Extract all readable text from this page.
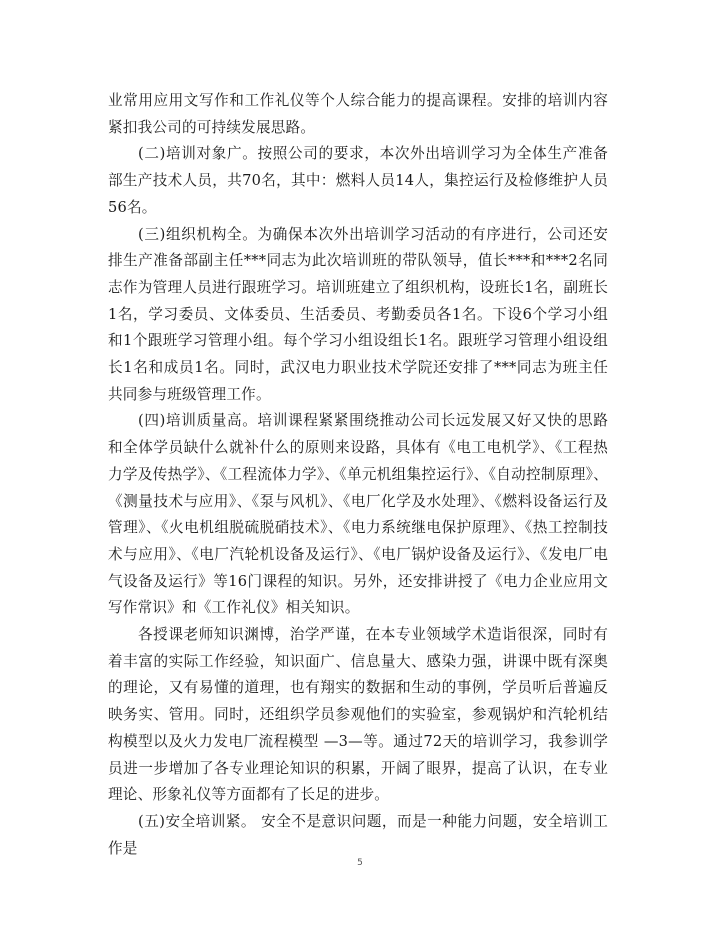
业常用应用文写作和工作礼仪等个人综合能力的提高课程。安排的培训内容紧扣我公司的可持续发展思路。

(二)培训对象广。按照公司的要求，本次外出培训学习为全体生产准备部生产技术人员，共70名，其中：燃料人员14人，集控运行及检修维护人员56名。

(三)组织机构全。为确保本次外出培训学习活动的有序进行，公司还安排生产准备部副主任***同志为此次培训班的带队领导，值长***和***2名同志作为管理人员进行跟班学习。培训班建立了组织机构，设班长1名，副班长1名，学习委员、文体委员、生活委员、考勤委员各1名。下设6个学习小组和1个跟班学习管理小组。每个学习小组设组长1名。跟班学习管理小组设组长1名和成员1名。同时，武汉电力职业技术学院还安排了***同志为班主任共同参与班级管理工作。

(四)培训质量高。培训课程紧紧围绕推动公司长远发展又好又快的思路和全体学员缺什么就补什么的原则来设路，具体有《电工电机学》、《工程热力学及传热学》、《工程流体力学》、《单元机组集控运行》、《自动控制原理》、《测量技术与应用》、《泵与风机》、《电厂化学及水处理》、《燃料设备运行及管理》、《火电机组脱硫脱硝技术》、《电力系统继电保护原理》、《热工控制技术与应用》、《电厂汽轮机设备及运行》、《电厂锅炉设备及运行》、《发电厂电气设备及运行》等16门课程的知识。另外，还安排讲授了《电力企业应用文写作常识》和《工作礼仪》相关知识。

各授课老师知识渊博，治学严谨，在本专业领域学术造诣很深，同时有着丰富的实际工作经验，知识面广、信息量大、感染力强，讲课中既有深奥的理论，又有易懂的道理，也有翔实的数据和生动的事例，学员听后普遍反映务实、管用。同时，还组织学员参观他们的实验室，参观锅炉和汽轮机结构模型以及火力发电厂流程模型 —3—等。通过72天的培训学习，我参训学员进一步增加了各专业理论知识的积累，开阔了眼界，提高了认识，在专业理论、形象礼仪等方面都有了长足的进步。

(五)安全培训紧。 安全不是意识问题，而是一种能力问题，安全培训工作是

5
